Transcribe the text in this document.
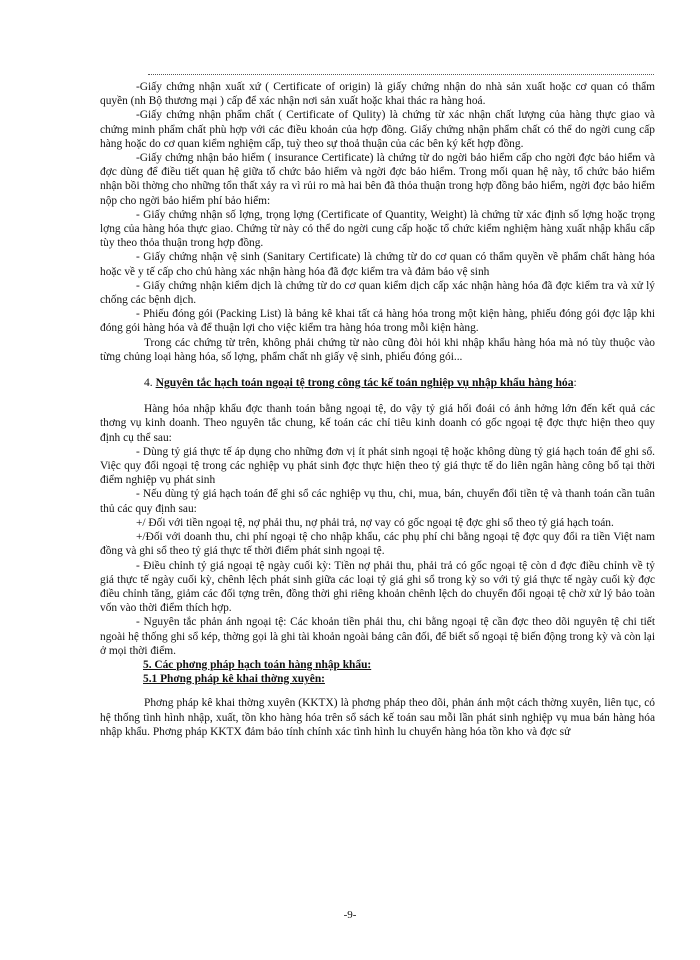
-Giấy chứng nhận xuất xứ ( Certificate of origin) là giấy chứng nhận do nhà sản xuất hoặc cơ quan có thẩm quyền (nh Bộ thương mại ) cấp để xác nhận nơi sản xuất hoặc khai thác ra hàng hoá.

-Giấy chứng nhận phẩm chất ( Certificate of Qulity) là chứng từ xác nhận chất lượng của hàng thực giao và chứng minh phẩm chất phù hợp với các điều khoản của hợp đồng. Giấy chứng nhận phẩm chất có thể do ngời cung cấp hàng hoặc do cơ quan kiểm nghiệm cấp, tuỳ theo sự thoả thuận của các bên ký kết hợp đồng.

-Giấy chứng nhận bảo hiểm ( insurance Certificate) là chứng từ do ngời bảo hiểm cấp cho ngời đợc bảo hiểm và đợc dùng để điều tiết quan hệ giữa tổ chức bảo hiểm và ngời đợc bảo hiểm. Trong mối quan hệ này, tổ chức bảo hiểm nhận bồi thờng cho những tổn thất xảy ra vì rủi ro mà hai bên đã thỏa thuận trong hợp đồng bảo hiểm, ngời đợc bảo hiểm nộp cho ngời bảo hiểm phí bảo hiểm:

- Giấy chứng nhận số lợng, trọng lợng (Certificate of Quantity, Weight) là chứng từ xác định số lợng hoặc trọng lợng của hàng hóa thực giao. Chứng từ này có thể do ngời cung cấp hoặc tổ chức kiểm nghiệm hàng xuất nhập khẩu cấp tùy theo thỏa thuận trong hợp đồng.

- Giấy chứng nhận vệ sinh (Sanitary Certificate) là chứng từ do cơ quan có thẩm quyền về phẩm chất hàng hóa hoặc về y tế cấp cho chủ hàng xác nhận hàng hóa đã đợc kiểm tra và đảm bảo vệ sinh

- Giấy chứng nhận kiểm dịch là chứng từ do cơ quan kiểm dịch cấp xác nhận hàng hóa đã đợc kiểm tra và xử lý chống các bệnh dịch.

- Phiếu đóng gói (Packing List) là bảng kê khai tất cả hàng hóa trong một kiện hàng, phiếu đóng gói đợc lập khi đóng gói hàng hóa và để thuận lợi cho việc kiểm tra hàng hóa trong mỗi kiện hàng.

Trong các chứng từ trên, không phải chứng từ nào cũng đòi hỏi khi nhập khẩu hàng hóa mà nó tùy thuộc vào từng chủng loại hàng hóa, số lợng, phẩm chất nh giấy vệ sinh, phiếu đóng gói...

4. Nguyên tắc hạch toán ngoại tệ trong công tác kế toán nghiệp vụ nhập khẩu hàng hóa:

Hàng hóa nhập khẩu đợc thanh toán bằng ngoại tệ, do vậy tỷ giá hối đoái có ảnh hởng lớn đến kết quả các thơng vụ kinh doanh. Theo nguyên tắc chung, kế toán các chỉ tiêu kinh doanh có gốc ngoại tệ đợc thực hiện theo quy định cụ thể sau:

- Dùng tỷ giá thực tế áp dụng cho những đơn vị ít phát sinh ngoại tệ hoặc không dùng tỷ giá hạch toán để ghi sổ. Việc quy đổi ngoại tệ trong các nghiệp vụ phát sinh đợc thực hiện theo tỷ giá thực tế do liên ngân hàng công bố tại thời điểm nghiệp vụ phát sinh

- Nếu dùng tỷ giá hạch toán để ghi sổ các nghiệp vụ thu, chi, mua, bán, chuyển đổi tiền tệ và thanh toán cần tuân thủ các quy định sau:

+/ Đối với tiền ngoại tệ, nợ phải thu, nợ phải trả, nợ vay có gốc ngoại tệ đợc ghi sổ theo tỷ giá hạch toán.

+/Đối với doanh thu, chi phí ngoại tệ cho nhập khẩu, các phụ phí chi bằng ngoại tệ đợc quy đổi ra tiền Việt nam đồng và ghi sổ theo tỷ giá thực tế thời điểm phát sinh ngoại tệ.

- Điều chỉnh tỷ giá ngoại tệ ngày cuối kỳ: Tiền nợ phải thu, phải trả có gốc ngoại tệ còn d đợc điều chỉnh về tỷ giá thực tế ngày cuối kỳ, chênh lệch phát sinh giữa các loại tỷ giá ghi sổ trong kỳ so với tỷ giá thực tế ngày cuối kỳ đợc điều chỉnh tăng, giảm các đối tợng trên, đồng thời ghi riêng khoản chênh lệch do chuyển đổi ngoại tệ chờ xử lý bảo toàn vốn vào thời điểm thích hợp.

- Nguyên tắc phản ánh ngoại tệ: Các khoản tiền phải thu, chi bằng ngoại tệ cần đợc theo dõi nguyên tệ chi tiết ngoài hệ thống ghi sổ kép, thờng gọi là ghi tài khoản ngoài bảng cân đối, để biết số ngoại tệ biến động trong kỳ và còn lại ở mọi thời điểm.

5. Các phơng pháp hạch toán hàng nhập khẩu:

5.1 Phơng pháp kê khai thờng xuyên:

Phơng pháp kê khai thờng xuyên (KKTX) là phơng pháp theo dõi, phản ánh một cách thờng xuyên, liên tục, có hệ thống tình hình nhập, xuất, tồn kho hàng hóa trên sổ sách kế toán sau mỗi lần phát sinh nghiệp vụ mua bán hàng hóa nhập khẩu. Phơng pháp KKTX đảm bảo tính chính xác tình hình lu chuyển hàng hóa tồn kho và đợc sử

-9-
